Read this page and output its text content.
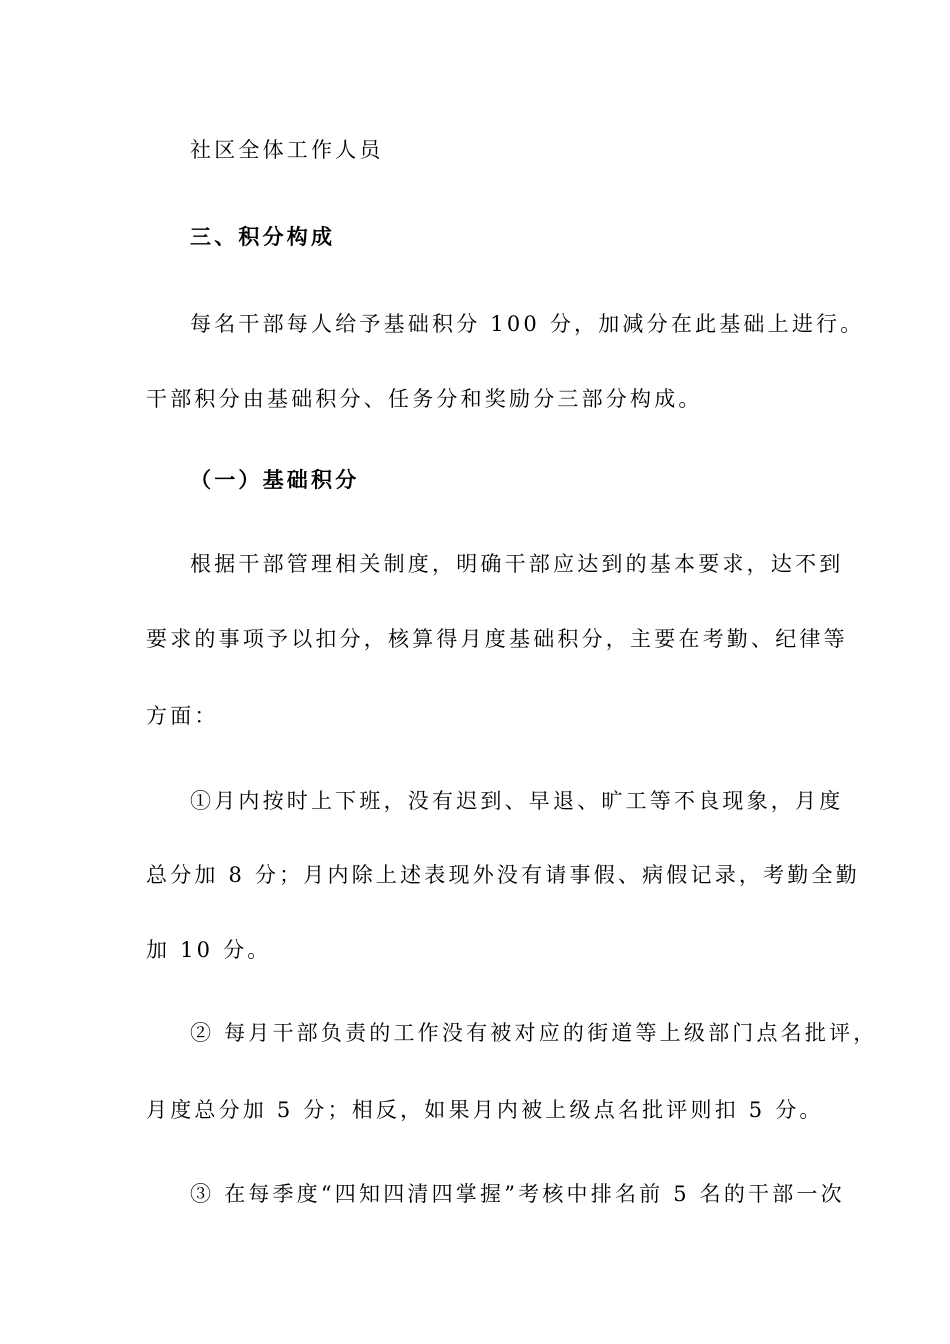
社区全体工作人员
三、积分构成
每名干部每人给予基础积分 100 分，加减分在此基础上进行。
干部积分由基础积分、任务分和奖励分三部分构成。
（一）基础积分
根据干部管理相关制度，明确干部应达到的基本要求，达不到
要求的事项予以扣分，核算得月度基础积分，主要在考勤、纪律等
方面：
①月内按时上下班，没有迟到、早退、旷工等不良现象，月度
总分加 8 分；月内除上述表现外没有请事假、病假记录，考勤全勤
加 10 分。
② 每月干部负责的工作没有被对应的街道等上级部门点名批评，
月度总分加 5 分；相反，如果月内被上级点名批评则扣 5 分。
③ 在每季度“四知四清四掌握”考核中排名前 5 名的干部一次
